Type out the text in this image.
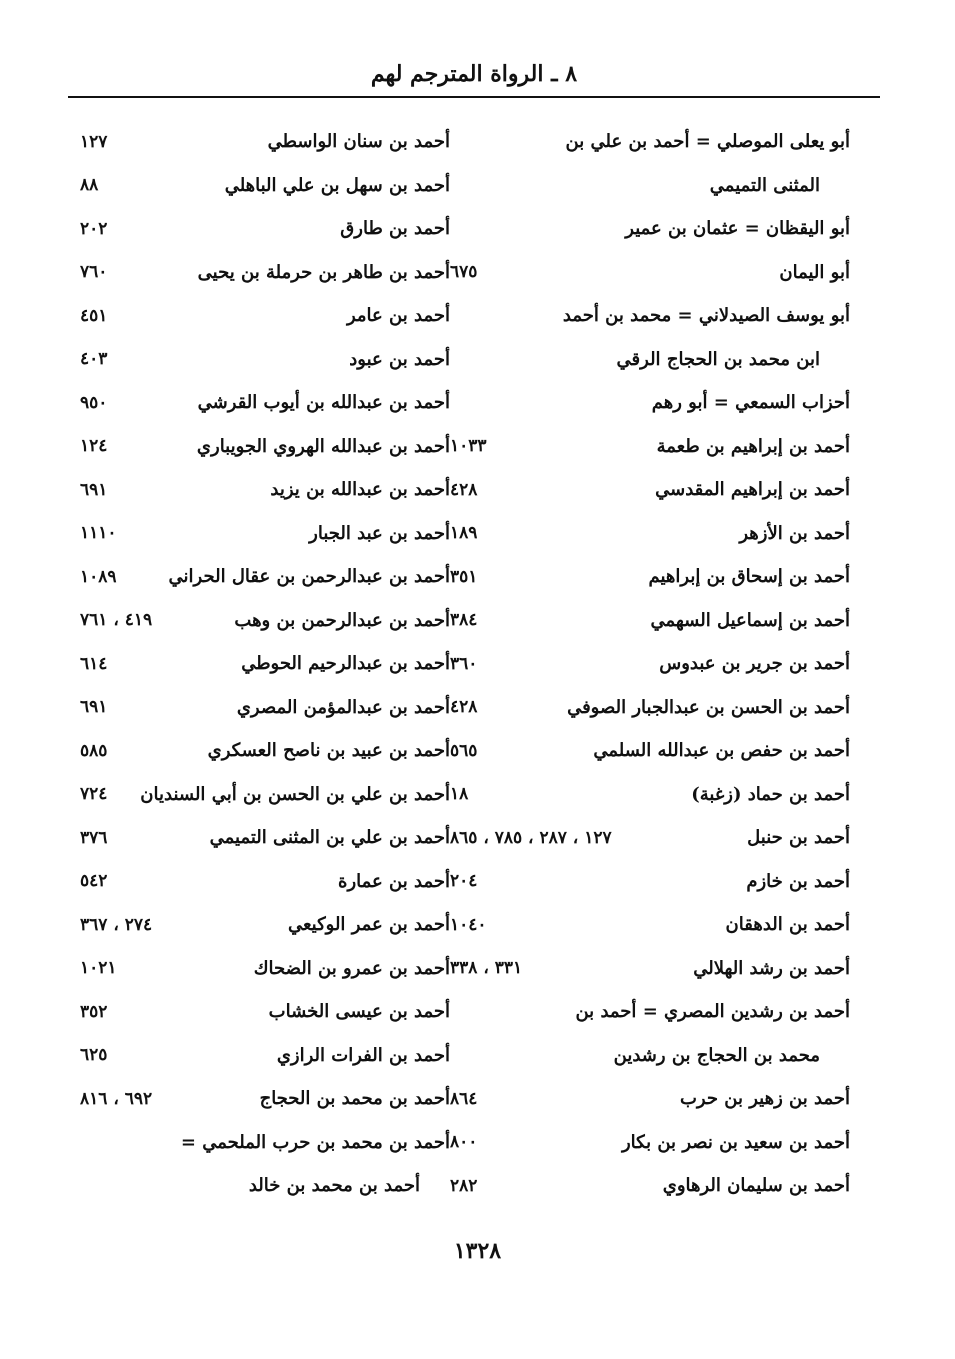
٨ ـ الرواة المترجم لهم
أبو يعلى الموصلي = أحمد بن علي بن
المثنى التميمي
أبو اليقظان = عثمان بن عمير
أبو اليمان
٦٧٥
أبو يوسف الصيدلاني = محمد بن أحمد
ابن محمد بن الحجاج الرقي
أحزاب السمعي = أبو رهم
أحمد بن إبراهيم بن طعمة
١٠٣٣
أحمد بن إبراهيم المقدسي
٤٢٨
أحمد بن الأزهر
١٨٩
أحمد بن إسحاق بن إبراهيم
٣٥١
أحمد بن إسماعيل السهمي
٣٨٤
أحمد بن جرير بن عبدوس
٣٦٠
أحمد بن الحسن بن عبدالجبار الصوفي
٤٢٨
أحمد بن حفص بن عبدالله السلمي
٥٦٥
أحمد بن حماد (زغبة)
١٨
أحمد بن حنبل
١٢٧ ، ٢٨٧ ، ٧٨٥ ، ٨٦٥
أحمد بن خازم
٢٠٤
أحمد بن الدهقان
١٠٤٠
أحمد بن رشد الهلالي
٣٣١ ، ٣٣٨
أحمد بن رشدين المصري = أحمد بن
محمد بن الحجاج بن رشدين
أحمد بن زهير بن حرب
٨٦٤
أحمد بن سعيد بن نصر بن بكار
٨٠٠
أحمد بن سليمان الرهاوي
٢٨٢
أحمد بن سنان الواسطي
١٢٧
أحمد بن سهل بن علي الباهلي
٨٨
أحمد بن طارق
٢٠٢
أحمد بن طاهر بن حرملة بن يحيى
٧٦٠
أحمد بن عامر
٤٥١
أحمد بن عبود
٤٠٣
أحمد بن عبدالله بن أيوب القرشي
٩٥٠
أحمد بن عبدالله الهروي الجويباري
١٢٤
أحمد بن عبدالله بن يزيد
٦٩١
أحمد بن عبد الجبار
١١١٠
أحمد بن عبدالرحمن بن عقال الحراني
١٠٨٩
أحمد بن عبدالرحمن بن وهب
٤١٩ ، ٧٦١
أحمد بن عبدالرحيم الحوطي
٦١٤
أحمد بن عبدالمؤمن المصري
٦٩١
أحمد بن عبيد بن ناصح العسكري
٥٨٥
أحمد بن علي بن الحسن بن أبي السنديان
٧٢٤
أحمد بن علي بن المثنى التميمي
٣٧٦
أحمد بن عمارة
٥٤٢
أحمد بن عمر الوكيعي
٢٧٤ ، ٣٦٧
أحمد بن عمرو بن الضحاك
١٠٢١
أحمد بن عيسى الخشاب
٣٥٢
أحمد بن الفرات الرازي
٦٢٥
أحمد بن محمد بن الحجاج
٦٩٢ ، ٨١٦
أحمد بن محمد بن حرب الملحمي =
أحمد بن محمد بن خالد
١٣٢٨
